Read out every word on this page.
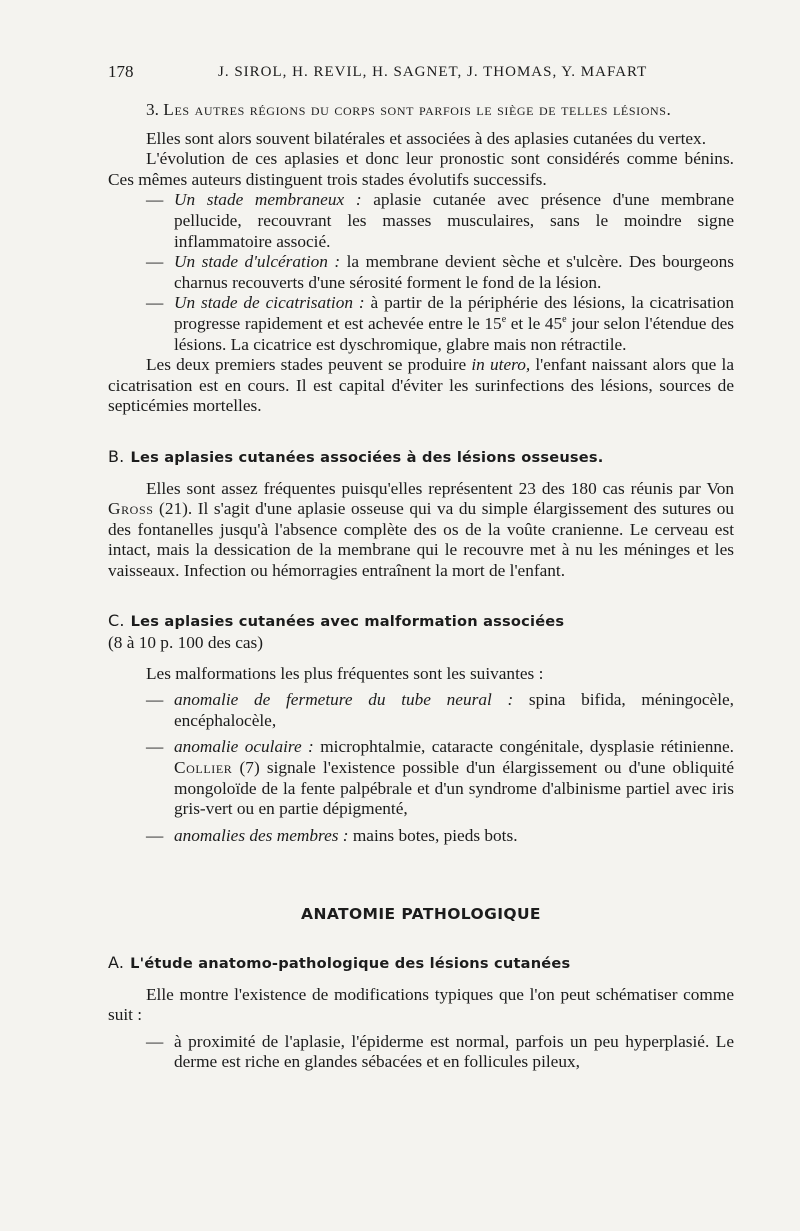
178	J. SIROL, H. REVIL, H. SAGNET, J. THOMAS, Y. MAFART

3. Les autres régions du corps sont parfois le siège de telles lésions.

Elles sont alors souvent bilatérales et associées à des aplasies cutanées du vertex.

L'évolution de ces aplasies et donc leur pronostic sont considérés comme bénins. Ces mêmes auteurs distinguent trois stades évolutifs successifs.

— Un stade membraneux : aplasie cutanée avec présence d'une membrane pellucide, recouvrant les masses musculaires, sans le moindre signe inflammatoire associé.

— Un stade d'ulcération : la membrane devient sèche et s'ulcère. Des bourgeons charnus recouverts d'une sérosité forment le fond de la lésion.

— Un stade de cicatrisation : à partir de la périphérie des lésions, la cicatrisation progresse rapidement et est achevée entre le 15e et le 45e jour selon l'étendue des lésions. La cicatrice est dyschromique, glabre mais non rétractile.

Les deux premiers stades peuvent se produire in utero, l'enfant naissant alors que la cicatrisation est en cours. Il est capital d'éviter les surinfections des lésions, sources de septicémies mortelles.

B. Les aplasies cutanées associées à des lésions osseuses.

Elles sont assez fréquentes puisqu'elles représentent 23 des 180 cas réunis par Von Gross (21). Il s'agit d'une aplasie osseuse qui va du simple élargissement des sutures ou des fontanelles jusqu'à l'absence complète des os de la voûte cranienne. Le cerveau est intact, mais la dessication de la membrane qui le recouvre met à nu les méninges et les vaisseaux. Infection ou hémorragies entraînent la mort de l'enfant.

C. Les aplasies cutanées avec malformation associées

(8 à 10 p. 100 des cas)

Les malformations les plus fréquentes sont les suivantes :

— anomalie de fermeture du tube neural : spina bifida, méningocèle, encéphalocèle,

— anomalie oculaire : microphtalmie, cataracte congénitale, dysplasie rétinienne. Collier (7) signale l'existence possible d'un élargissement ou d'une obliquité mongoloïde de la fente palpébrale et d'un syndrome d'albinisme partiel avec iris gris-vert ou en partie dépigmenté,

— anomalies des membres : mains botes, pieds bots.

ANATOMIE PATHOLOGIQUE

A. L'étude anatomo-pathologique des lésions cutanées

Elle montre l'existence de modifications typiques que l'on peut schématiser comme suit :

— à proximité de l'aplasie, l'épiderme est normal, parfois un peu hyperplasié. Le derme est riche en glandes sébacées et en follicules pileux,
